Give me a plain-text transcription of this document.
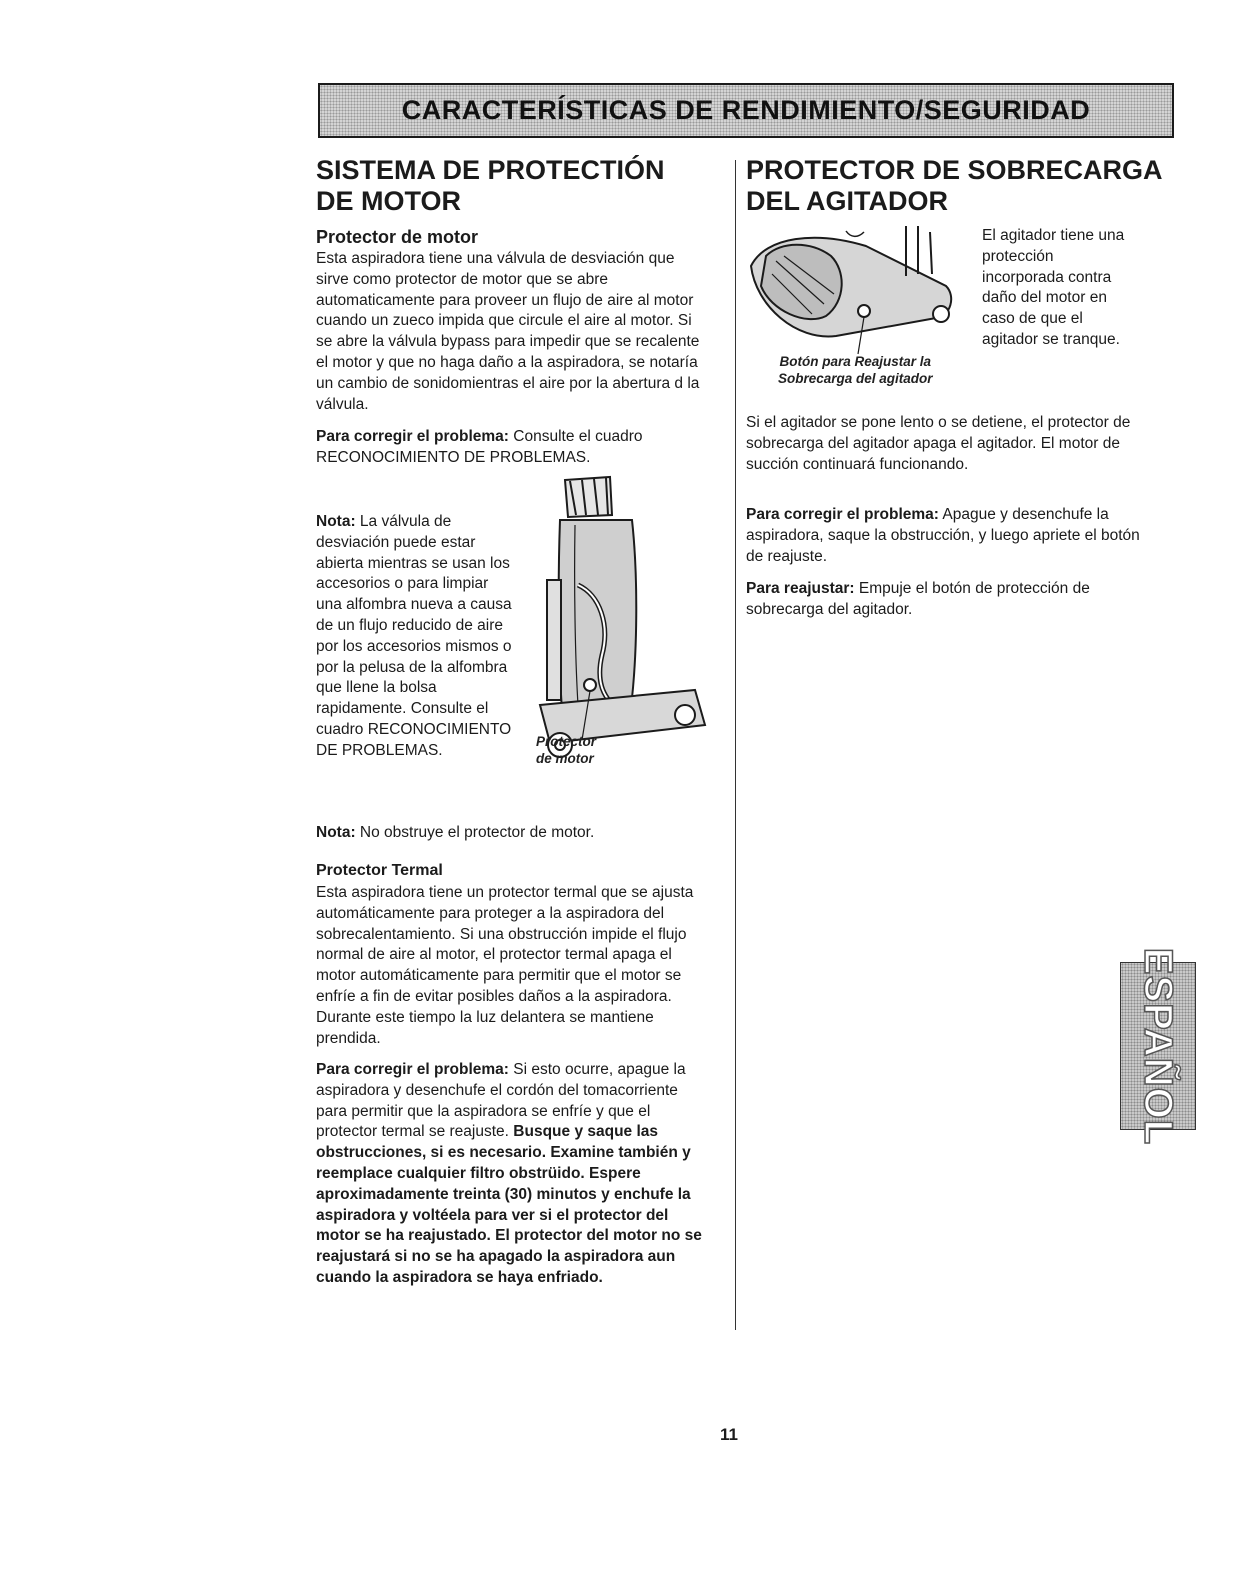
CARACTERÍSTICAS DE RENDIMIENTO/SEGURIDAD
SISTEMA DE PROTECTIÓN
DE MOTOR
Protector de motor

Esta aspiradora tiene una válvula de desviación que sirve como protector de motor que se abre automaticamente para proveer un flujo de aire al motor cuando un zueco impida que circule el aire al motor. Si se abre la válvula bypass para impedir que se recalente el motor y que no haga daño a la aspiradora, se notaría un cambio de sonidomientras el aire por la abertura d la válvula.

Para corregir el problema: Consulte el cuadro RECONOCIMIENTO DE PROBLEMAS.

Nota: La válvula de desviación puede estar abierta mientras se usan los accesorios o para limpiar una alfombra nueva a causa de un flujo reducido de aire por los accesorios mismos o por la pelusa de la alfombra que llene la bolsa rapidamente. Consulte el cuadro RECONOCIMIENTO DE PROBLEMAS.

Protector
de motor

Nota: No obstruye el protector de motor.

Protector Termal

Esta aspiradora tiene un protector termal que se ajusta automáticamente para proteger a la aspiradora del sobrecalentamiento. Si una obstrucción impide el flujo normal de aire al motor, el protector termal apaga el motor automáticamente para permitir que el motor se enfríe a fin de evitar posibles daños a la aspiradora. Durante este tiempo la luz delantera se mantiene prendida.

Para corregir el problema: Si esto ocurre, apague la aspiradora y desenchufe el cordón del tomacorriente para permitir que la aspiradora se enfríe y que el protector termal se reajuste. Busque y saque las obstrucciones, si es necesario. Examine también y reemplace cualquier filtro obstrüido. Espere aproximadamente treinta (30) minutos y enchufe la aspiradora y voltéela para ver si el protector del motor se ha reajustado. El protector del motor no se reajustará si no se ha apagado la aspiradora aun cuando la aspiradora se haya enfriado.

PROTECTOR DE SOBRECARGA
DEL AGITADOR

El agitador tiene una protección incorporada contra daño del motor en caso de que el agitador se tranque.

Botón para Reajustar la
Sobrecarga del agitador

Si el agitador se pone lento o se detiene, el protector de sobrecarga del agitador apaga el agitador. El motor de succión continuará funcionando.

Para corregir el problema: Apague y desenchufe la aspiradora, saque la obstrucción, y luego apriete el botón de reajuste.

Para reajustar: Empuje el botón de protección de sobrecarga del agitador.

ESPAÑOL
11
